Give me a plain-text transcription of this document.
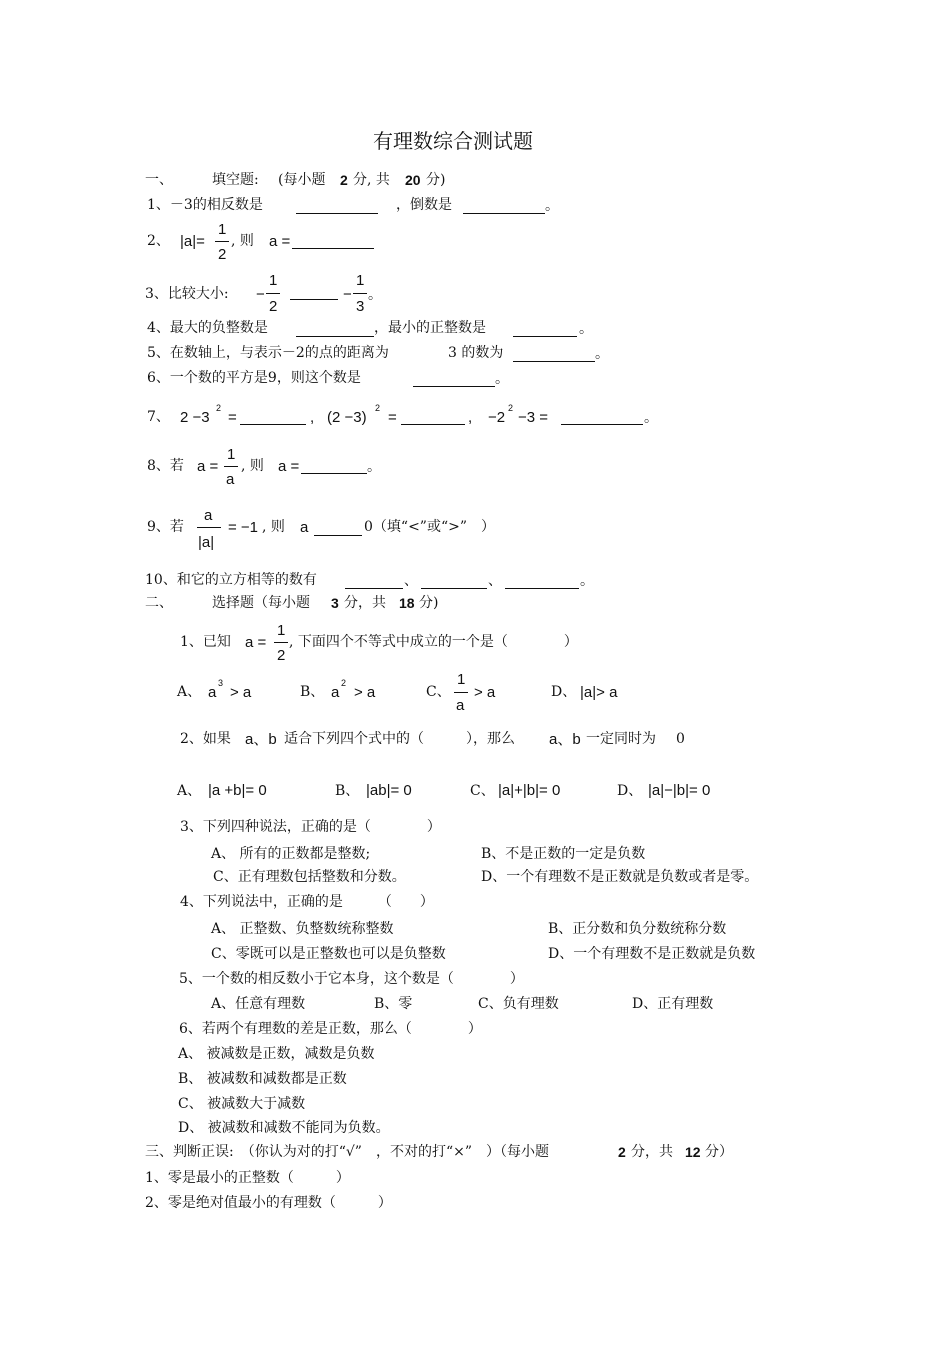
有理数综合测试题
一、	填空题: (每小题 2 分, 共 20 分)
1、－3的相反数是	，倒数是	。
2、 |a|=
1
2
, 则 a =
3、比较大小: −
1
2
−
1
3
。
4、最大的负整数是	，最小的正整数是	。
5、在数轴上，与表示－2的点的距离为	3 的数为	。
6、一个数的平方是9，则这个数是	。
7、 2 −3
2
=	, (2 −3)
2
=	, −2
2
−3 =	。
8、若 a =
1
a
, 则 a =	。
9、若
a
|a|
= −1 , 则 a	0（填“<”或“>”　）
10、和它的立方相等的数有	、	、	。
二、	选择题（每小题 3 分，共 18 分)
1、已知 a =
1
2
, 下面四个不等式中成立的一个是（　　　　）
A、 a
3
> a	B、 a
2
> a	C、
1
a
> a	D、 |a|> a
2、如果 a、b 适合下列四个式中的（　　　），那么 a、b 一定同时为 0
A、 |a +b|= 0	B、 |ab|= 0	C、 |a|+|b|= 0	D、 |a|−|b|= 0
3、下列四种说法，正确的是（　　　　）
A、 所有的正数都是整数;	B、不是正数的一定是负数
C、正有理数包括整数和分数。	D、一个有理数不是正数就是负数或者是零。
4、下列说法中，正确的是　　　（　　）
A、 正整数、负整数统称整数	B、正分数和负分数统称分数
C、零既可以是正整数也可以是负整数	D、一个有理数不是正数就是负数
5、一个数的相反数小于它本身，这个数是（　　　　）
A、任意有理数	B、零	C、负有理数	D、正有理数
6、若两个有理数的差是正数，那么（　　　　）
A、 被减数是正数，减数是负数
B、 被减数和减数都是正数
C、 被减数大于减数
D、 被减数和减数不能同为负数。
三、判断正误:　（你认为对的打“√”　，不对的打“×”　）（每小题	2 分，共 12 分）
1、零是最小的正整数（　　　）
2、零是绝对值最小的有理数（　　　）
